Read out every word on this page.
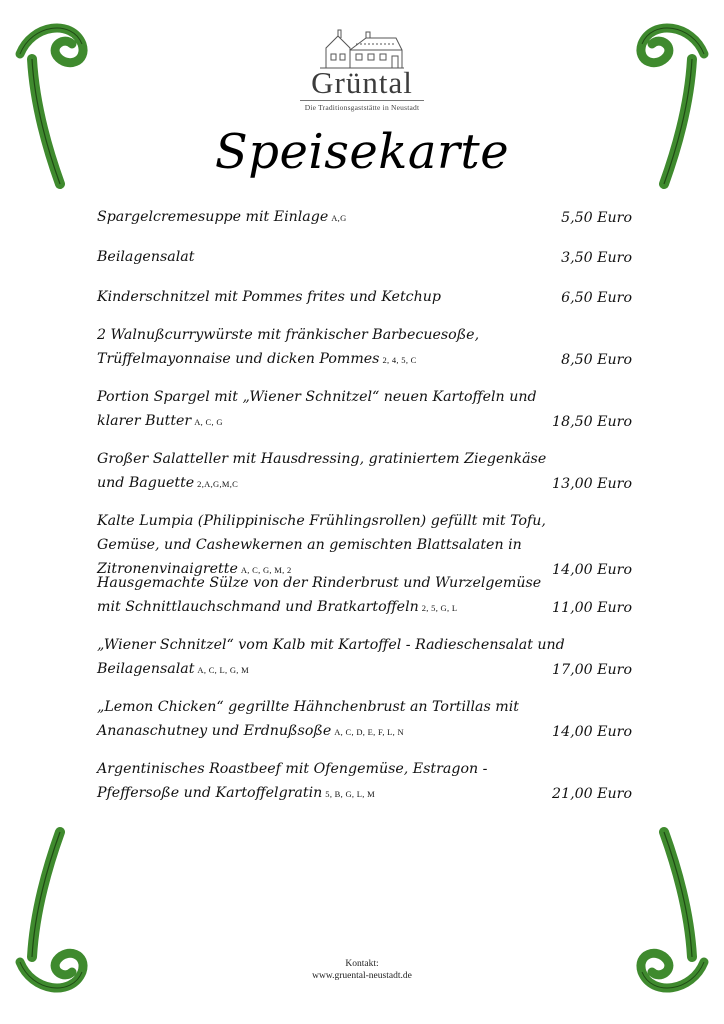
Grüntal
Die Traditionsgaststätte in Neustadt
Speisekarte
Spargelcremesuppe mit Einlage A,G	5,50 Euro
Beilagensalat	3,50 Euro
Kinderschnitzel mit Pommes frites und Ketchup	6,50 Euro
2 Walnußcurrywürste mit fränkischer Barbecuesoße, Trüffelmayonnaise und dicken Pommes 2, 4, 5, C	8,50 Euro
Portion Spargel mit „Wiener Schnitzel“ neuen Kartoffeln und klarer Butter A, C, G	18,50 Euro
Großer Salatteller mit Hausdressing, gratiniertem Ziegenkäse und Baguette 2,A,G,M,C	13,00 Euro
Kalte Lumpia (Philippinische Frühlingsrollen) gefüllt mit Tofu, Gemüse, und Cashewkernen an gemischten Blattsalaten in Zitronenvinaigrette A, C, G, M, 2	14,00 Euro
Hausgemachte Sülze von der Rinderbrust und Wurzelgemüse mit Schnittlauchschmand und Bratkartoffeln 2, 5, G, L	11,00 Euro
„Wiener Schnitzel“ vom Kalb mit Kartoffel - Radieschensalat und Beilagensalat A, C, L, G, M	17,00 Euro
„Lemon Chicken“ gegrillte Hähnchenbrust an Tortillas mit Ananaschutney und Erdnußsoße A, C, D, E, F, L, N	14,00 Euro
Argentinisches Roastbeef mit Ofengemüse, Estragon - Pfeffersoße und Kartoffelgratin 5, B, G, L, M	21,00 Euro
Kontakt:
www.gruental-neustadt.de
